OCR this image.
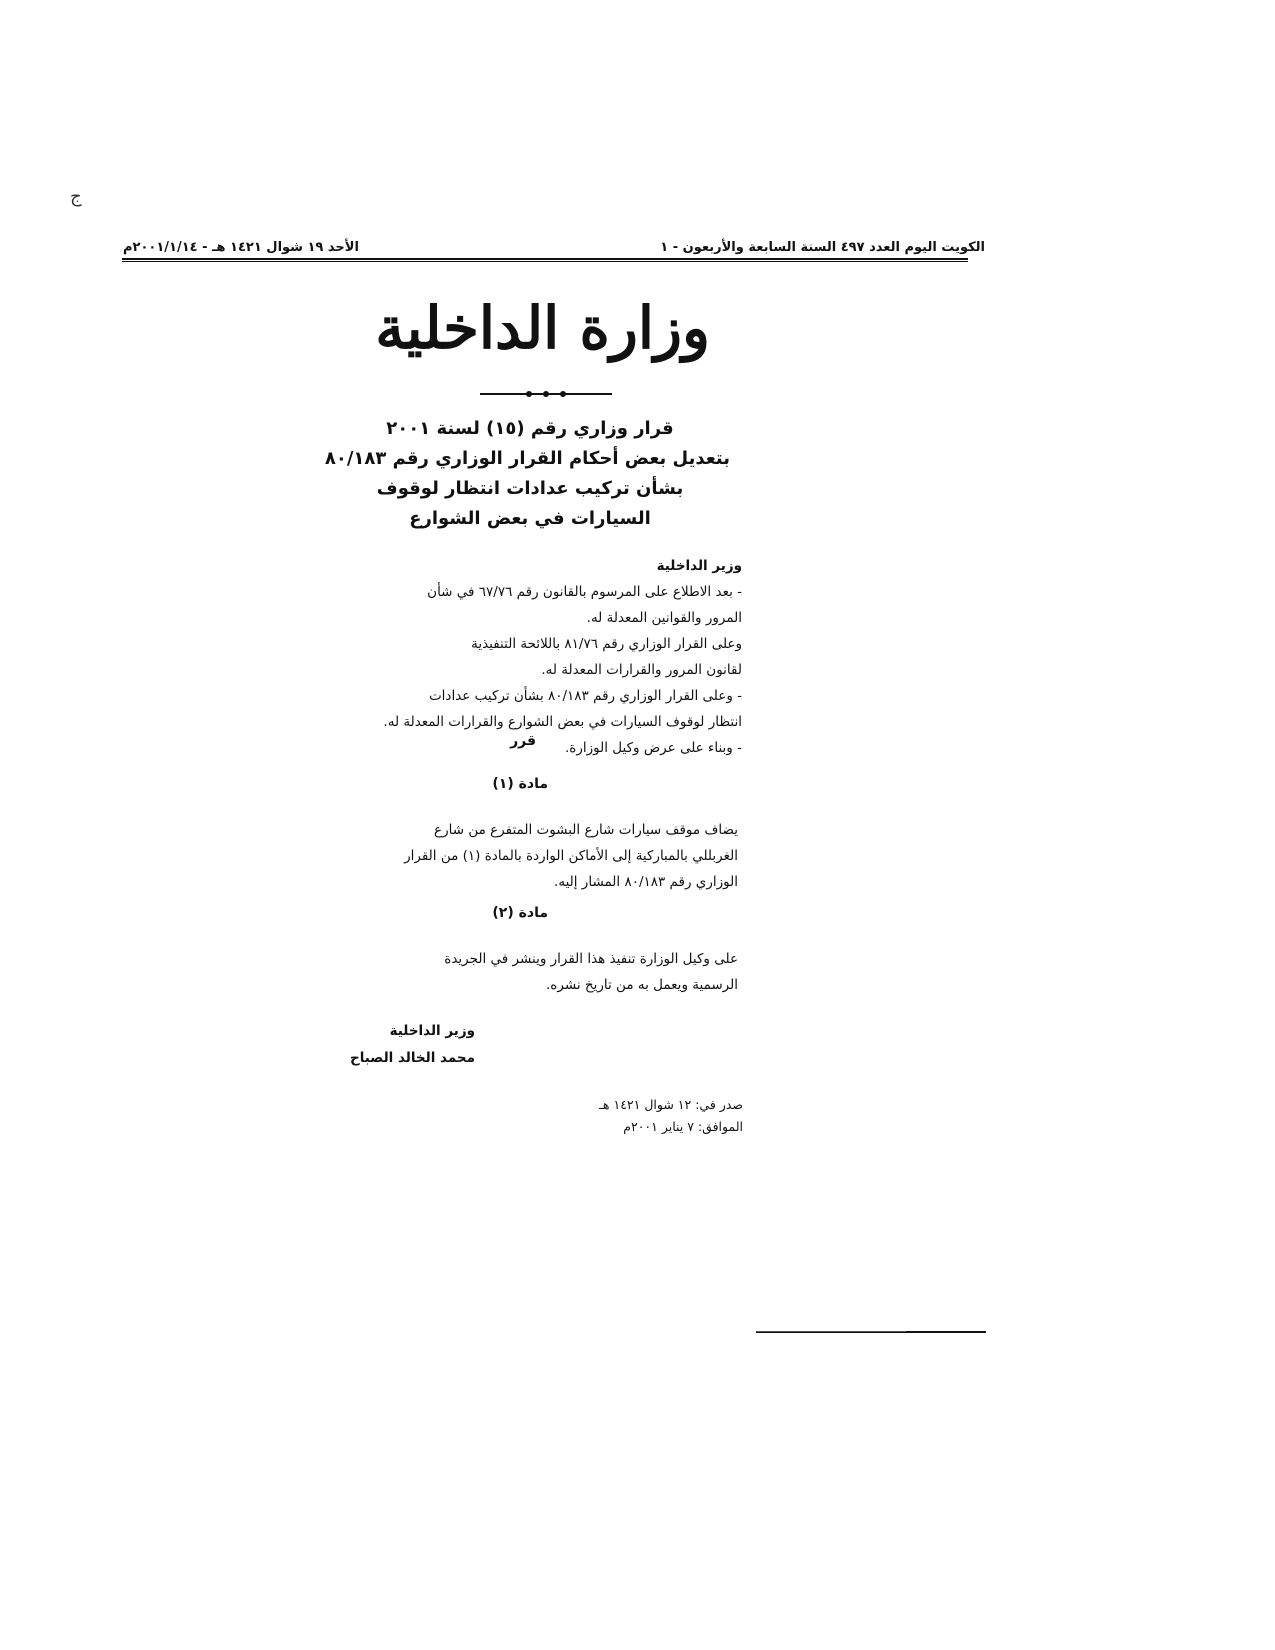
ج
الكويت اليوم العدد ٤٩٧ السنة السابعة والأربعون - ١
الأحد ١٩ شوال ١٤٢١ هـ - ٢٠٠١/١/١٤م
وزارة الداخلية
قرار وزاري رقم (١٥) لسنة ٢٠٠١
بتعديل بعض أحكام القرار الوزاري رقم ٨٠/١٨٣
بشأن تركيب عدادات انتظار لوقوف
السيارات في بعض الشوارع
وزير الداخلية
- بعد الاطلاع على المرسوم بالقانون رقم ٦٧/٧٦ في شأن
المرور والقوانين المعدلة له.
وعلى القرار الوزاري رقم ٨١/٧٦ باللائحة التنفيذية
لقانون المرور والقرارات المعدلة له.
- وعلى القرار الوزاري رقم ٨٠/١٨٣ بشأن تركيب عدادات
انتظار لوقوف السيارات في بعض الشوارع والقرارات المعدلة له.
- وبناء على عرض وكيل الوزارة.
قرر
مادة (١)
يضاف موقف سيارات شارع البشوت المتفرع من شارع
الغربللي بالمباركية إلى الأماكن الواردة بالمادة (١) من القرار
الوزاري رقم ٨٠/١٨٣ المشار إليه.
مادة (٢)
على وكيل الوزارة تنفيذ هذا القرار وينشر في الجريدة
الرسمية ويعمل به من تاريخ نشره.
وزير الداخلية
محمد الخالد الصباح
صدر في: ١٢ شوال ١٤٢١ هـ
الموافق: ٧ يناير ٢٠٠١م
